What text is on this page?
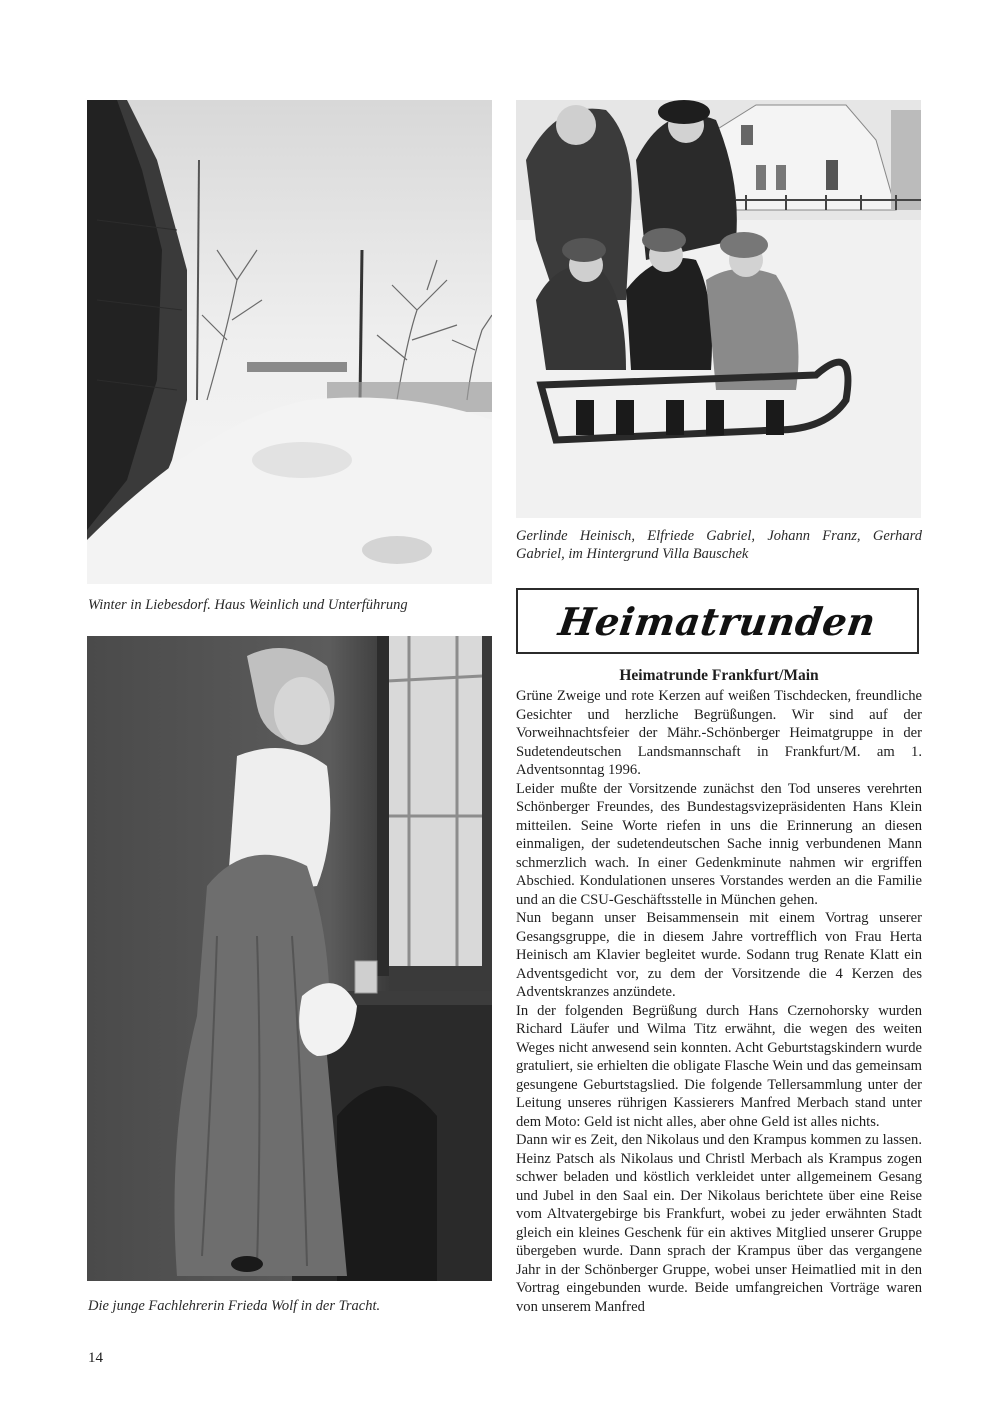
Winter in Liebesdorf. Haus Weinlich und Unterführung
Gerlinde Heinisch, Elfriede Gabriel, Johann Franz, Gerhard Gabriel, im Hintergrund Villa Bauschek
Heimatrunden
Die junge Fachlehrerin Frieda Wolf in der Tracht.
Heimatrunde Frankfurt/Main

Grüne Zweige und rote Kerzen auf weißen Tischdecken, freundliche Gesichter und herzliche Begrüßungen. Wir sind auf der Vorweihnachtsfeier der Mähr.-Schönberger Heimatgruppe in der Sudetendeutschen Landsmannschaft in Frankfurt/M. am 1. Adventsonntag 1996.

Leider mußte der Vorsitzende zunächst den Tod unseres verehrten Schönberger Freundes, des Bundestagsvizepräsidenten Hans Klein mitteilen. Seine Worte riefen in uns die Erinnerung an diesen einmaligen, der sudetendeutschen Sache innig verbundenen Mann schmerzlich wach. In einer Gedenkminute nahmen wir ergriffen Abschied. Kondulationen unseres Vorstandes werden an die Familie und an die CSU-Geschäftsstelle in München gehen.

Nun begann unser Beisammensein mit einem Vortrag unserer Gesangsgruppe, die in diesem Jahre vortrefflich von Frau Herta Heinisch am Klavier begleitet wurde. Sodann trug Renate Klatt ein Adventsgedicht vor, zu dem der Vorsitzende die 4 Kerzen des Adventskranzes anzündete.

In der folgenden Begrüßung durch Hans Czernohorsky wurden Richard Läufer und Wilma Titz erwähnt, die wegen des weiten Weges nicht anwesend sein konnten. Acht Geburtstagskindern wurde gratuliert, sie erhielten die obligate Flasche Wein und das gemeinsam gesungene Geburtstagslied. Die folgende Tellersammlung unter der Leitung unseres rührigen Kassierers Manfred Merbach stand unter dem Moto: Geld ist nicht alles, aber ohne Geld ist alles nichts.

Dann wir es Zeit, den Nikolaus und den Krampus kommen zu lassen. Heinz Patsch als Nikolaus und Christl Merbach als Krampus zogen schwer beladen und köstlich verkleidet unter allgemeinem Gesang und Jubel in den Saal ein. Der Nikolaus berichtete über eine Reise vom Altvatergebirge bis Frankfurt, wobei zu jeder erwähnten Stadt gleich ein kleines Geschenk für ein aktives Mitglied unserer Gruppe übergeben wurde. Dann sprach der Krampus über das vergangene Jahr in der Schönberger Gruppe, wobei unser Heimatlied mit in den Vortrag eingebunden wurde. Beide umfangreichen Vorträge waren von unserem Manfred

14
